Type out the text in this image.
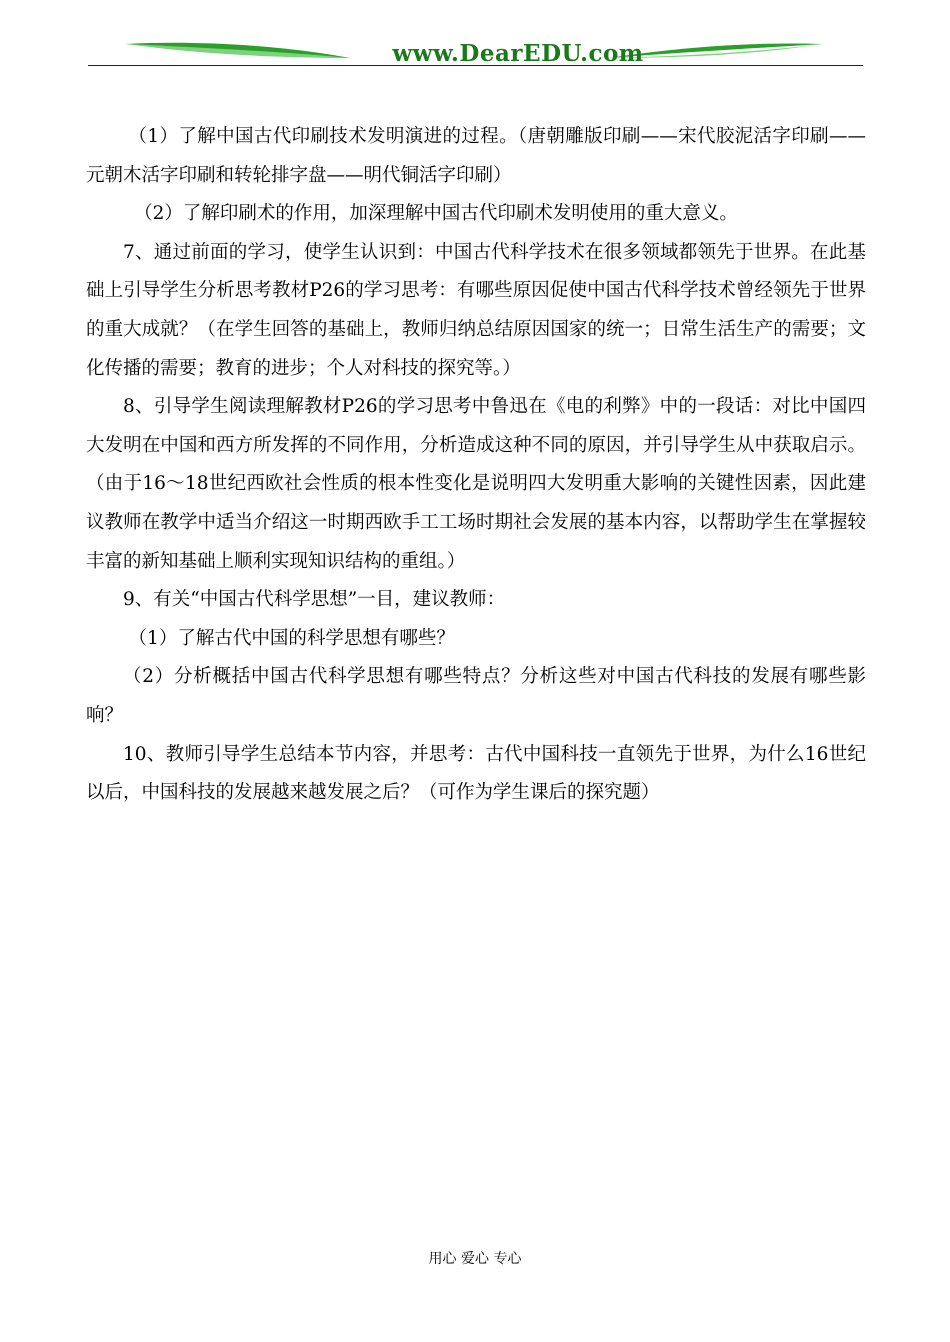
www.DearEDU.com

（1）了解中国古代印刷技术发明演进的过程。（唐朝雕版印刷——宋代胶泥活字印刷——元朝木活字印刷和转轮排字盘——明代铜活字印刷）

（2）了解印刷术的作用，加深理解中国古代印刷术发明使用的重大意义。

7、通过前面的学习，使学生认识到：中国古代科学技术在很多领域都领先于世界。在此基础上引导学生分析思考教材P26的学习思考：有哪些原因促使中国古代科学技术曾经领先于世界的重大成就？（在学生回答的基础上，教师归纳总结原因国家的统一；日常生活生产的需要；文化传播的需要；教育的进步；个人对科技的探究等。）

8、引导学生阅读理解教材P26的学习思考中鲁迅在《电的利弊》中的一段话：对比中国四大发明在中国和西方所发挥的不同作用，分析造成这种不同的原因，并引导学生从中获取启示。（由于16～18世纪西欧社会性质的根本性变化是说明四大发明重大影响的关键性因素，因此建议教师在教学中适当介绍这一时期西欧手工工场时期社会发展的基本内容，以帮助学生在掌握较丰富的新知基础上顺利实现知识结构的重组。）

9、有关“中国古代科学思想”一目，建议教师：

（1）了解古代中国的科学思想有哪些？

（2）分析概括中国古代科学思想有哪些特点？分析这些对中国古代科技的发展有哪些影响？

10、教师引导学生总结本节内容，并思考：古代中国科技一直领先于世界，为什么16世纪以后，中国科技的发展越来越发展之后？（可作为学生课后的探究题）

用心 爱心 专心
